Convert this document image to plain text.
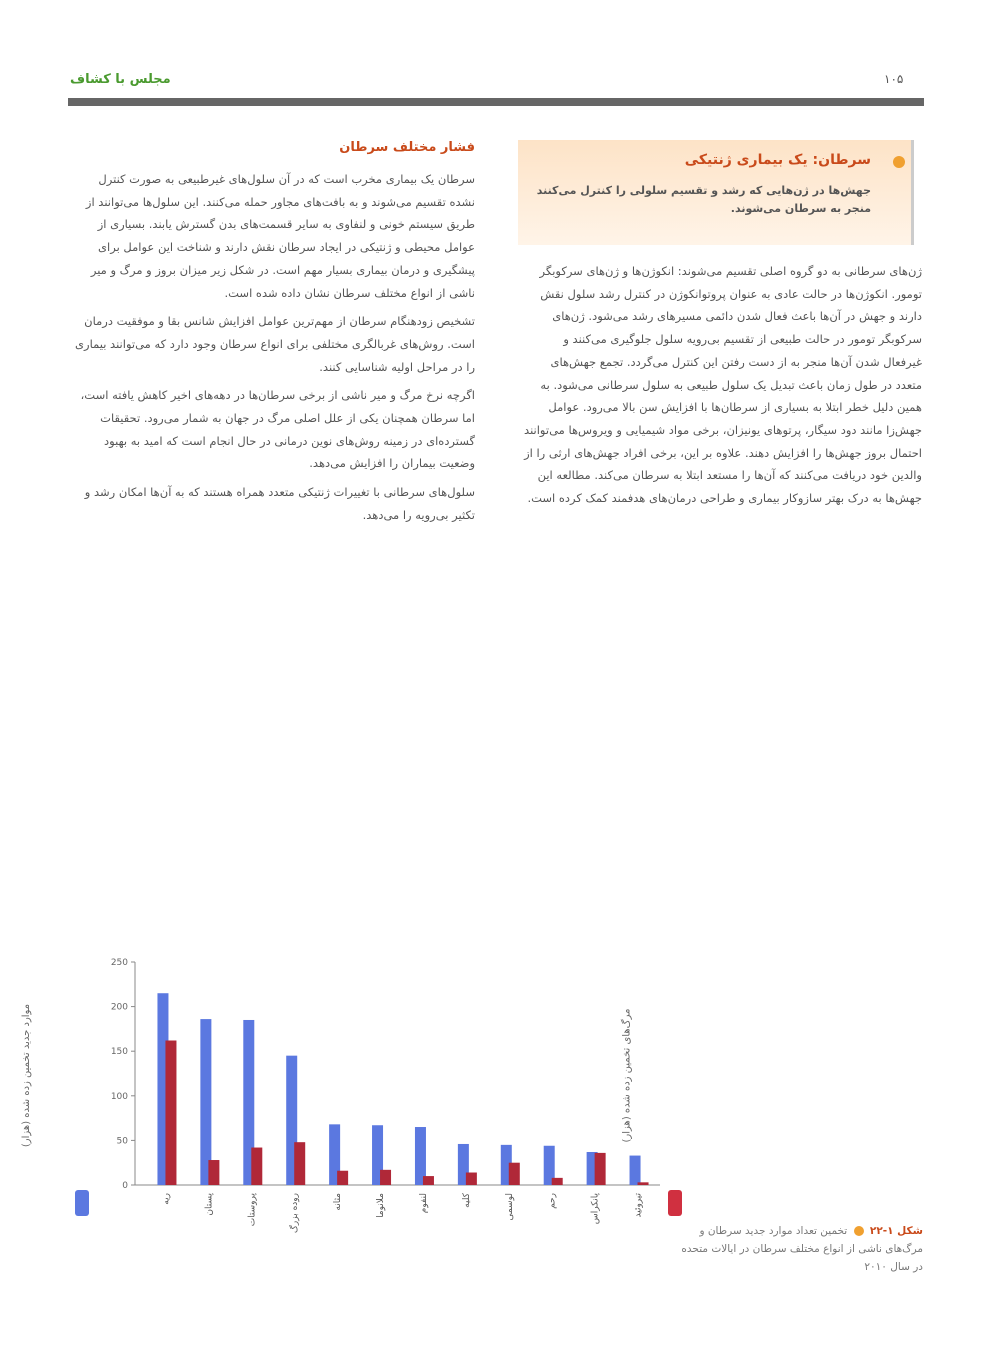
مجلس با کشاف	۱۰۵
فشار مختلف سرطان

سرطان یک بیماری مخرب است که در آن سلول‌های غیرطبیعی به صورت کنترل نشده تقسیم می‌شوند و به بافت‌های مجاور حمله می‌کنند. این سلول‌ها می‌توانند از طریق سیستم خونی و لنفاوی به سایر قسمت‌های بدن گسترش یابند. بسیاری از عوامل محیطی و ژنتیکی در ایجاد سرطان نقش دارند و شناخت این عوامل برای پیشگیری و درمان بیماری بسیار مهم است. در شکل زیر میزان بروز و مرگ و میر ناشی از انواع مختلف سرطان نشان داده شده است.

تشخیص زودهنگام سرطان از مهم‌ترین عوامل افزایش شانس بقا و موفقیت درمان است. روش‌های غربالگری مختلفی برای انواع سرطان وجود دارد که می‌توانند بیماری را در مراحل اولیه شناسایی کنند.

اگرچه نرخ مرگ و میر ناشی از برخی سرطان‌ها در دهه‌های اخیر کاهش یافته است، اما سرطان همچنان یکی از علل اصلی مرگ در جهان به شمار می‌رود. تحقیقات گسترده‌ای در زمینه روش‌های نوین درمانی در حال انجام است که امید به بهبود وضعیت بیماران را افزایش می‌دهد.

سلول‌های سرطانی با تغییرات ژنتیکی متعدد همراه هستند که به آن‌ها امکان رشد و تکثیر بی‌رویه را می‌دهد.

سرطان: یک بیماری ژنتیکی
جهش‌ها در ژن‌هایی که رشد و تقسیم سلولی را کنترل می‌کنند منجر به سرطان می‌شوند.

ژن‌های سرطانی به دو گروه اصلی تقسیم می‌شوند: انکوژن‌ها و ژن‌های سرکوبگر تومور. انکوژن‌ها در حالت عادی به عنوان پروتوانکوژن در کنترل رشد سلول نقش دارند و جهش در آن‌ها باعث فعال شدن دائمی مسیرهای رشد می‌شود. ژن‌های سرکوبگر تومور در حالت طبیعی از تقسیم بی‌رویه سلول جلوگیری می‌کنند و غیرفعال شدن آن‌ها منجر به از دست رفتن این کنترل می‌گردد. تجمع جهش‌های متعدد در طول زمان باعث تبدیل یک سلول طبیعی به سلول سرطانی می‌شود. به همین دلیل خطر ابتلا به بسیاری از سرطان‌ها با افزایش سن بالا می‌رود. عوامل جهش‌زا مانند دود سیگار، پرتوهای یونیزان، برخی مواد شیمیایی و ویروس‌ها می‌توانند احتمال بروز جهش‌ها را افزایش دهند. علاوه بر این، برخی افراد جهش‌های ارثی را از والدین خود دریافت می‌کنند که آن‌ها را مستعد ابتلا به سرطان می‌کند. مطالعه این جهش‌ها به درک بهتر سازوکار بیماری و طراحی درمان‌های هدفمند کمک کرده است.

موارد جدید تخمین زده شده (هزار)	مرگ‌های تخمین زده شده (هزار)
0
50
100
150
200
250
ریه	پستان	پروستات	روده بزرگ	مثانه	ملانوما	لنفوم	کلیه	لوسمی	رحم	پانکراس	تیروئید
شکل ۱-۲۲  تخمین تعداد موارد جدید سرطان و مرگ‌های ناشی از انواع مختلف سرطان در ایالات متحده در سال ۲۰۱۰
